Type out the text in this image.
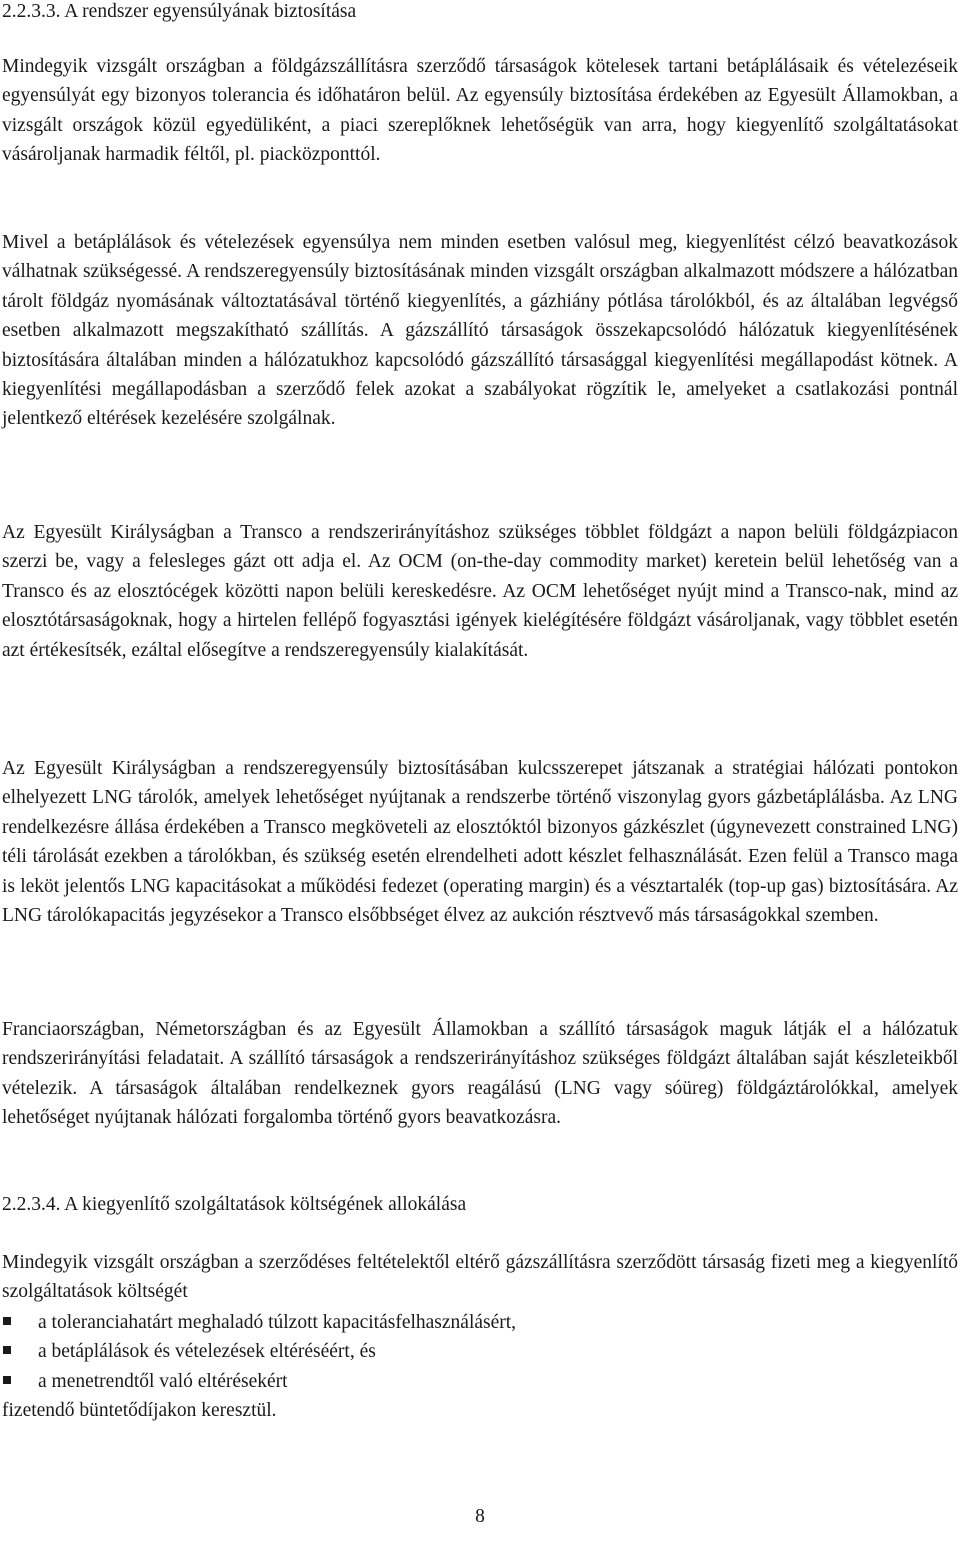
2.2.3.3. A rendszer egyensúlyának biztosítása

Mindegyik vizsgált országban a földgázszállításra szerződő társaságok kötelesek tartani betáplálásaik és vételezéseik egyensúlyát egy bizonyos tolerancia és időhatáron belül. Az egyensúly biztosítása érdekében az Egyesült Államokban, a vizsgált országok közül egyedüliként, a piaci szereplőknek lehetőségük van arra, hogy kiegyenlítő szolgáltatásokat vásároljanak harmadik féltől, pl. piacközponttól.

Mivel a betáplálások és vételezések egyensúlya nem minden esetben valósul meg, kiegyenlítést célzó beavatkozások válhatnak szükségessé. A rendszeregyensúly biztosításának minden vizsgált országban alkalmazott módszere a hálózatban tárolt földgáz nyomásának változtatásával történő kiegyenlítés, a gázhiány pótlása tárolókból, és az általában legvégső esetben alkalmazott megszakítható szállítás. A gázszállító társaságok összekapcsolódó hálózatuk kiegyenlítésének biztosítására általában minden a hálózatukhoz kapcsolódó gázszállító társasággal kiegyenlítési megállapodást kötnek. A kiegyenlítési megállapodásban a szerződő felek azokat a szabályokat rögzítik le, amelyeket a csatlakozási pontnál jelentkező eltérések kezelésére szolgálnak.

Az Egyesült Királyságban a Transco a rendszerirányításhoz szükséges többlet földgázt a napon belüli földgázpiacon szerzi be, vagy a felesleges gázt ott adja el. Az OCM (on-the-day commodity market) keretein belül lehetőség van a Transco és az elosztócégek közötti napon belüli kereskedésre. Az OCM lehetőséget nyújt mind a Transco-nak, mind az elosztótársaságoknak, hogy a hirtelen fellépő fogyasztási igények kielégítésére földgázt vásároljanak, vagy többlet esetén azt értékesítsék, ezáltal elősegítve a rendszeregyensúly kialakítását.

Az Egyesült Királyságban a rendszeregyensúly biztosításában kulcsszerepet játszanak a stratégiai hálózati pontokon elhelyezett LNG tárolók, amelyek lehetőséget nyújtanak a rendszerbe történő viszonylag gyors gázbetáplálásba. Az LNG rendelkezésre állása érdekében a Transco megköveteli az elosztóktól bizonyos gázkészlet (úgynevezett constrained LNG) téli tárolását ezekben a tárolókban, és szükség esetén elrendelheti adott készlet felhasználását. Ezen felül a Transco maga is leköt jelentős LNG kapacitásokat a működési fedezet (operating margin) és a vésztartalék (top-up gas) biztosítására. Az LNG tárolókapacitás jegyzésekor a Transco elsőbbséget élvez az aukción résztvevő más társaságokkal szemben.

Franciaországban, Németországban és az Egyesült Államokban a szállító társaságok maguk látják el a hálózatuk rendszerirányítási feladatait. A szállító társaságok a rendszerirányításhoz szükséges földgázt általában saját készleteikből vételezik. A társaságok általában rendelkeznek gyors reagálású (LNG vagy sóüreg) földgáztárolókkal, amelyek lehetőséget nyújtanak hálózati forgalomba történő gyors beavatkozásra.

2.2.3.4. A kiegyenlítő szolgáltatások költségének allokálása

Mindegyik vizsgált országban a szerződéses feltételektől eltérő gázszállításra szerződött társaság fizeti meg a kiegyenlítő szolgáltatások költségét

a toleranciahatárt meghaladó túlzott kapacitásfelhasználásért,
a betáplálások és vételezések eltéréséért, és
a menetrendtől való eltérésekért

fizetendő büntetődíjakon keresztül.

8
